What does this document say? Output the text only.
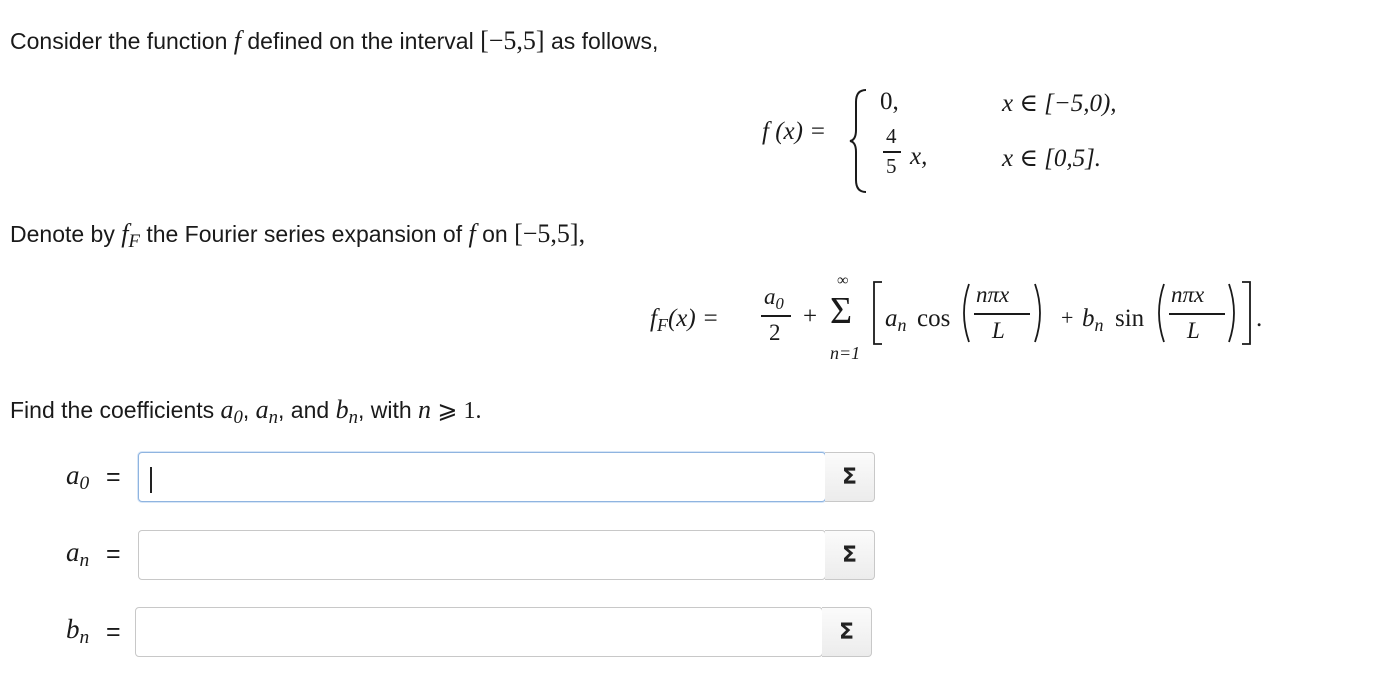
Consider the function f defined on the interval [−5,5] as follows,
f (x) =
0,	x ∈ [−5,0),
4
5 x,	x ∈ [0,5].
Denote by $f_F$ the Fourier series expansion of f on [−5,5],
$f_F(x)$ =
$a_0$
2
+
∞
Σ
n=1
$a_n$ cos
nπx
L
+ $b_n$ sin
nπx
L .
Find the coefficients $a_0$, $a_n$, and $b_n$, with n ⩾ 1.
$a_0$ =	Σ
$a_n$ =	Σ
$b_n$ =	Σ
